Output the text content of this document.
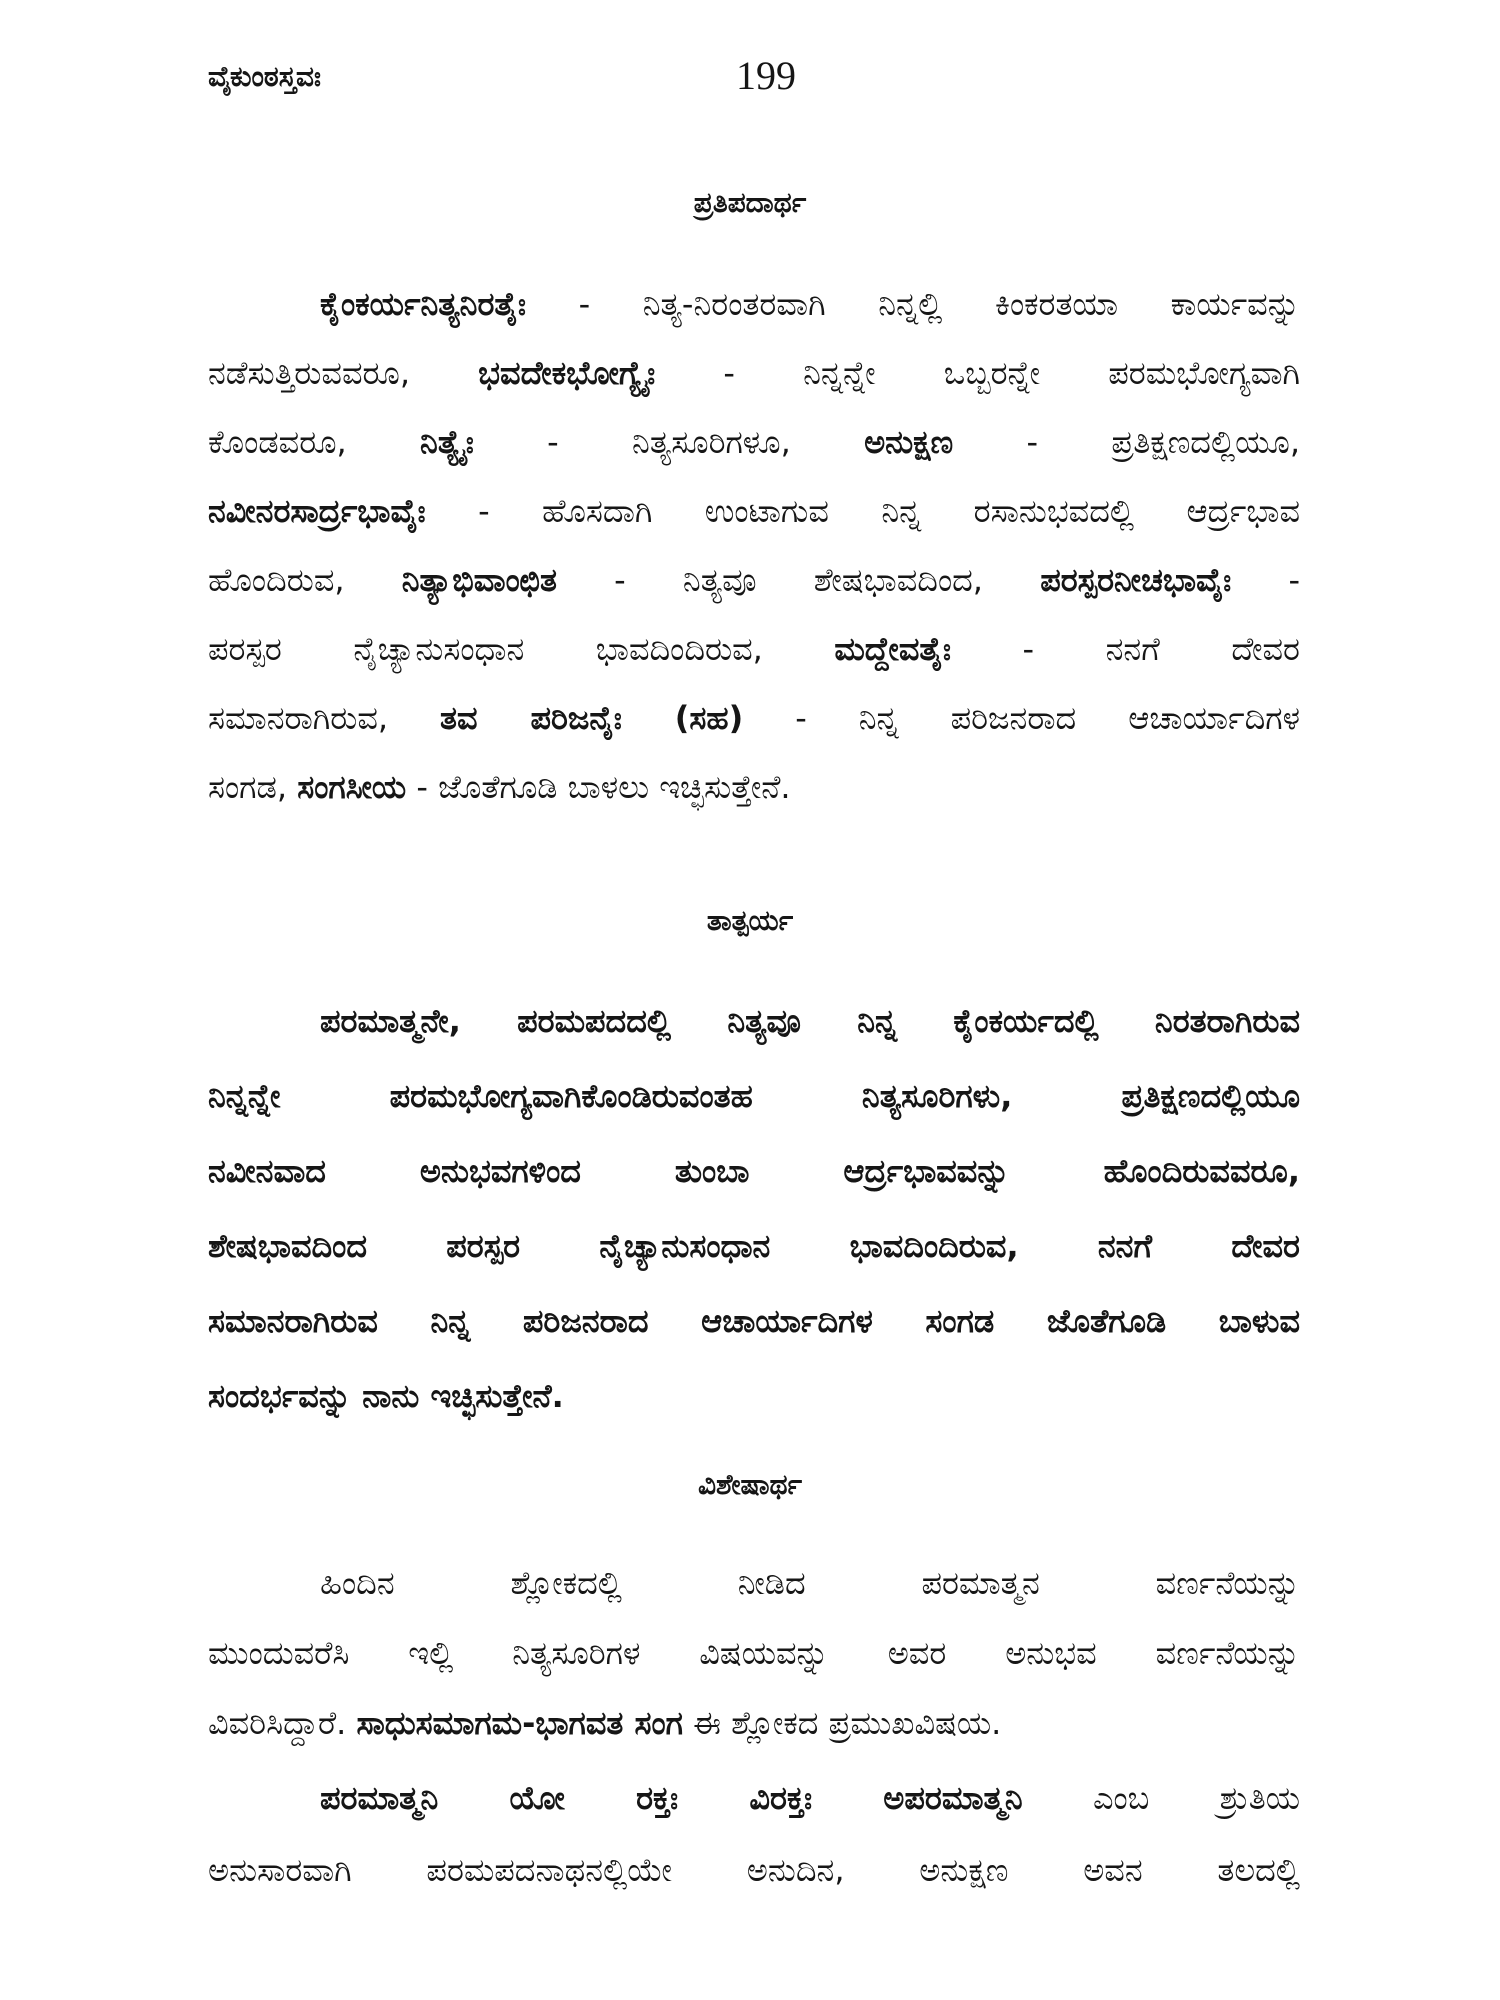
ವೈಕುಂಠಸ್ತವಃ	199
ಪ್ರತಿಪದಾರ್ಥ
ಕೈಂಕರ್ಯನಿತ್ಯನಿರತೈಃ - ನಿತ್ಯ-ನಿರಂತರವಾಗಿ ನಿನ್ನಲ್ಲಿ ಕಿಂಕರತಯಾ ಕಾರ್ಯವನ್ನು
ನಡೆಸುತ್ತಿರುವವರೂ, ಭವದೇಕಭೋಗ್ಯೈಃ - ನಿನ್ನನ್ನೇ ಒಬ್ಬರನ್ನೇ ಪರಮಭೋಗ್ಯವಾಗಿ
ಕೊಂಡವರೂ, ನಿತ್ಯೈಃ - ನಿತ್ಯಸೂರಿಗಳೂ, ಅನುಕ್ಷಣ - ಪ್ರತಿಕ್ಷಣದಲ್ಲಿಯೂ,
ನವೀನರಸಾರ್ದ್ರಭಾವೈಃ - ಹೊಸದಾಗಿ ಉಂಟಾಗುವ ನಿನ್ನ ರಸಾನುಭವದಲ್ಲಿ ಆರ್ದ್ರಭಾವ
ಹೊಂದಿರುವ, ನಿತ್ಯಾಭಿವಾಂಛಿತ - ನಿತ್ಯವೂ ಶೇಷಭಾವದಿಂದ, ಪರಸ್ಪರನೀಚಭಾವೈಃ -
ಪರಸ್ಪರ ನೈಚ್ಯಾನುಸಂಧಾನ ಭಾವದಿಂದಿರುವ, ಮದ್ದೇವತೈಃ - ನನಗೆ ದೇವರ
ಸಮಾನರಾಗಿರುವ, ತವ ಪರಿಜನೈಃ (ಸಹ) - ನಿನ್ನ ಪರಿಜನರಾದ ಆಚಾರ್ಯಾದಿಗಳ
ಸಂಗಡ, ಸಂಗಸೀಯ - ಜೊತೆಗೂಡಿ ಬಾಳಲು ಇಚ್ಛಿಸುತ್ತೇನೆ.
ತಾತ್ಪರ್ಯ
ಪರಮಾತ್ಮನೇ, ಪರಮಪದದಲ್ಲಿ ನಿತ್ಯವೂ ನಿನ್ನ ಕೈಂಕರ್ಯದಲ್ಲಿ ನಿರತರಾಗಿರುವ
ನಿನ್ನನ್ನೇ ಪರಮಭೋಗ್ಯವಾಗಿಕೊಂಡಿರುವಂತಹ ನಿತ್ಯಸೂರಿಗಳು, ಪ್ರತಿಕ್ಷಣದಲ್ಲಿಯೂ
ನವೀನವಾದ ಅನುಭವಗಳಿಂದ ತುಂಬಾ ಆರ್ದ್ರಭಾವವನ್ನು ಹೊಂದಿರುವವರೂ,
ಶೇಷಭಾವದಿಂದ ಪರಸ್ಪರ ನೈಚ್ಯಾನುಸಂಧಾನ ಭಾವದಿಂದಿರುವ, ನನಗೆ ದೇವರ
ಸಮಾನರಾಗಿರುವ ನಿನ್ನ ಪರಿಜನರಾದ ಆಚಾರ್ಯಾದಿಗಳ ಸಂಗಡ ಜೊತೆಗೂಡಿ ಬಾಳುವ
ಸಂದರ್ಭವನ್ನು ನಾನು ಇಚ್ಛಿಸುತ್ತೇನೆ.
ವಿಶೇಷಾರ್ಥ
ಹಿಂದಿನ ಶ್ಲೋಕದಲ್ಲಿ ನೀಡಿದ ಪರಮಾತ್ಮನ ವರ್ಣನೆಯನ್ನು
ಮುಂದುವರೆಸಿ ಇಲ್ಲಿ ನಿತ್ಯಸೂರಿಗಳ ವಿಷಯವನ್ನು ಅವರ ಅನುಭವ ವರ್ಣನೆಯನ್ನು
ವಿವರಿಸಿದ್ದಾರೆ. ಸಾಧುಸಮಾಗಮ-ಭಾಗವತ ಸಂಗ ಈ ಶ್ಲೋಕದ ಪ್ರಮುಖವಿಷಯ.
ಪರಮಾತ್ಮನಿ ಯೋ ರಕ್ತಃ ವಿರಕ್ತಃ ಅಪರಮಾತ್ಮನಿ ಎಂಬ ಶ್ರುತಿಯ
ಅನುಸಾರವಾಗಿ ಪರಮಪದನಾಥನಲ್ಲಿಯೇ ಅನುದಿನ, ಅನುಕ್ಷಣ ಅವನ ತಲದಲ್ಲಿ
